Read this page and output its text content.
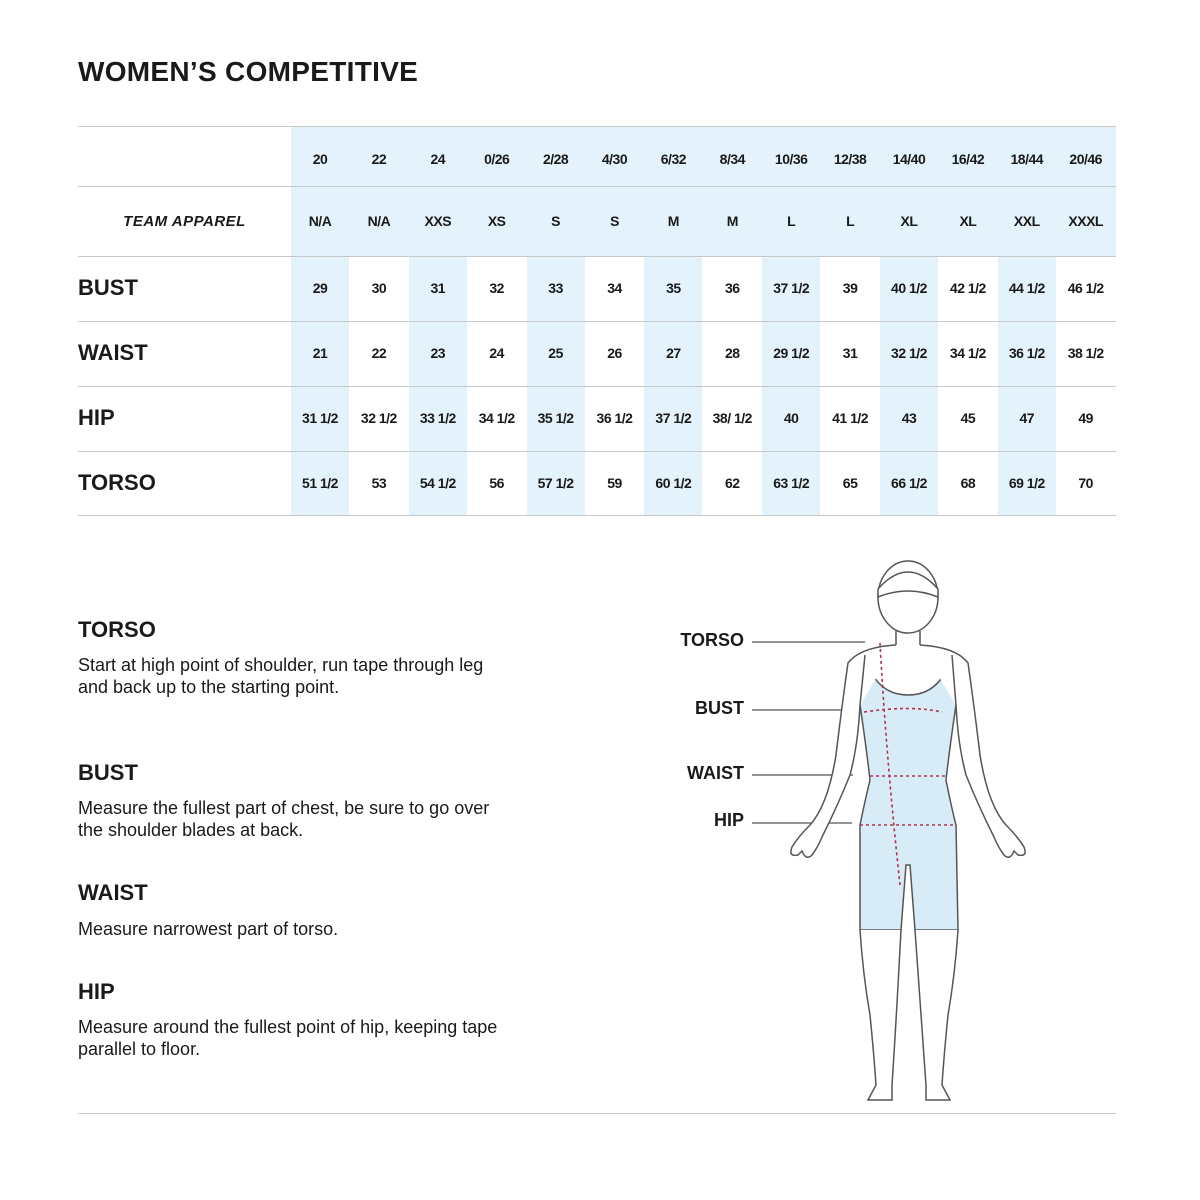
WOMEN’S COMPETITIVE
20	22	24	0/26	2/28	4/30	6/32	8/34	10/36	12/38	14/40	16/42	18/44	20/46
TEAM APPAREL	N/A	N/A	XXS	XS	S	S	M	M	L	L	XL	XL	XXL	XXXL
BUST	29	30	31	32	33	34	35	36	37 1/2	39	40 1/2	42 1/2	44 1/2	46 1/2
WAIST	21	22	23	24	25	26	27	28	29 1/2	31	32 1/2	34 1/2	36 1/2	38 1/2
HIP	31 1/2	32 1/2	33 1/2	34 1/2	35 1/2	36 1/2	37 1/2	38/ 1/2	40	41 1/2	43	45	47	49
TORSO	51 1/2	53	54 1/2	56	57 1/2	59	60 1/2	62	63 1/2	65	66 1/2	68	69 1/2	70
TORSO

Start at high point of shoulder, run tape through leg and back up to the starting point.

BUST

Measure the fullest part of chest, be sure to go over the shoulder blades at back.

WAIST

Measure narrowest part of torso.

HIP

Measure around the fullest point of hip, keeping tape parallel to floor.

TORSO
BUST
WAIST
HIP
